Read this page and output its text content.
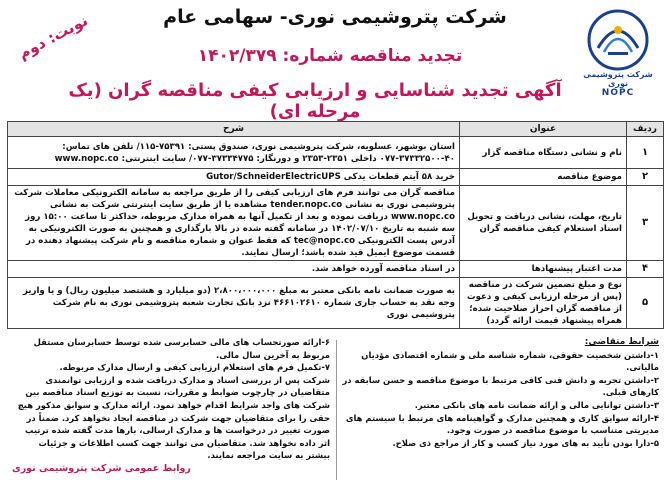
شرکت پتروشیمی نوری
NOPC
نوبت: دوم	شرکت پتروشیمی نوری- سهامی عام
تجدید مناقصه شماره: ۱۴۰۲/۳۷۹
آگهی تجدید شناسایی و ارزیابی کیفی مناقصه گران (یک مرحله ای)
ردیف	عنوان	شرح
۱	نام و نشانی دستگاه مناقصه گزار	استان بوشهر، عسلویه، شرکت پتروشیمی نوری، صندوق پستی: ۷۵۳۹۱-۱۱۵/ تلفن های تماس: ۴۰-۳۷۳۳۲۵۰۰-۰۷۷ داخلی ۲۳۵۱-۲۳۵۳ و دورنگار: ۳۷۳۳۴۷۷۵-۰۷۷/ سایت اینترنتی: www.nopc.co
۲	موضوع مناقصه	خرید ۵۸ آیتم قطعات یدکی Gutor/SchneiderElectricUPS
۳	تاریخ، مهلت، نشانی دریافت و تحویل اسناد استعلام کیفی مناقصه گران	مناقصه گران می توانند فرم های ارزیابی کیفی را از طریق مراجعه به سامانه الکترونیکی معاملات شرکت پتروشیمی نوری به نشانی tender.nopc.co مشاهده یا از طریق سایت اینترنتی شرکت به نشانی www.nopc.co دریافت نموده و بعد از تکمیل آنها به همراه مدارک مربوطه، حداکثر تا ساعت ۱۵:۰۰ روز سه شنبه به تاریخ ۱۴۰۲/۰۷/۱۰ در سامانه گفته شده در بالا بارگذاری و همچنین به صورت الکترونیکی به آدرس پست الکترونیکی tec@nopc.co که فقط عنوان و شماره مناقصه و نام شرکت پیشنهاد دهنده در قسمت موضوع ایمیل قید شده باشد؛ ارسال نمایند.
۴	مدت اعتبار پیشنهادها	در اسناد مناقصه آورده خواهد شد.
۵	نوع و مبلغ تضمین شرکت در مناقصه (پس از مرحله ارزیابی کیفی و دعوت از مناقصه گران احراز صلاحیت شده؛ همراه پیشنهاد قیمت ارائه گردد)	به صورت ضمانت نامه بانکی معتبر به مبلغ ۲،۸۰۰،۰۰۰،۰۰۰ (دو میلیارد و هشتصد میلیون ریال) و یا واریز وجه نقد به حساب جاری شماره ۴۶۶۱۰۲۶۱۰ نزد بانک تجارت شعبه پتروشیمی نوری به نام شرکت پتروشیمی نوری
شرایط متقاضی:
۱-داشتن شخصیت حقوقی، شماره شناسه ملی و شماره اقتصادی مؤدیان مالیاتی.
۲-داشتن تجربه و دانش فنی کافی مرتبط با موضوع مناقصه و حسن سابقه در کارهای قبلی.
۳-داشتن توانایی مالی و ارائه ضمانت نامه های بانکی معتبر.
۴-ارائه سوابق کاری و همچنین مدارک و گواهینامه های مرتبط با سیستم های مدیریتی متناسب با موضوع مناقصه در صورت وجود.
۵-دارا بودن تأیید به های مورد نیاز کسب و کار از مراجع ذی صلاح.
۶-ارائه صورتحساب های مالی حسابرسی شده توسط حسابرسان مستقل مربوط به آخرین سال مالی.
۷-تکمیل فرم های استعلام ارزیابی کیفی و ارسال مدارک مربوطه.
شرکت پس از بررسی اسناد و مدارک دریافت شده و ارزیابی توانمندی متقاضیان در چارچوب ضوابط و مقررات، نسبت به توزیع اسناد مناقصه بین شرکت های واجد شرایط اقدام خواهد نمود. ارائه مدارک و سوابق مذکور هیچ حقی را برای متقاضیان جهت شرکت در مناقصه ایجاد نخواهد کرد. ضمناً در صورت تغییر در درخواست ها و مدارک ارسالی، بارها مدت گفته شده ترتیب اثر داده نخواهد شد. متقاضیان می توانند جهت کسب اطلاعات و جزئیات بیشتر به سایت مراجعه نمایند.
روابط عمومی شرکت پتروشیمی نوری
